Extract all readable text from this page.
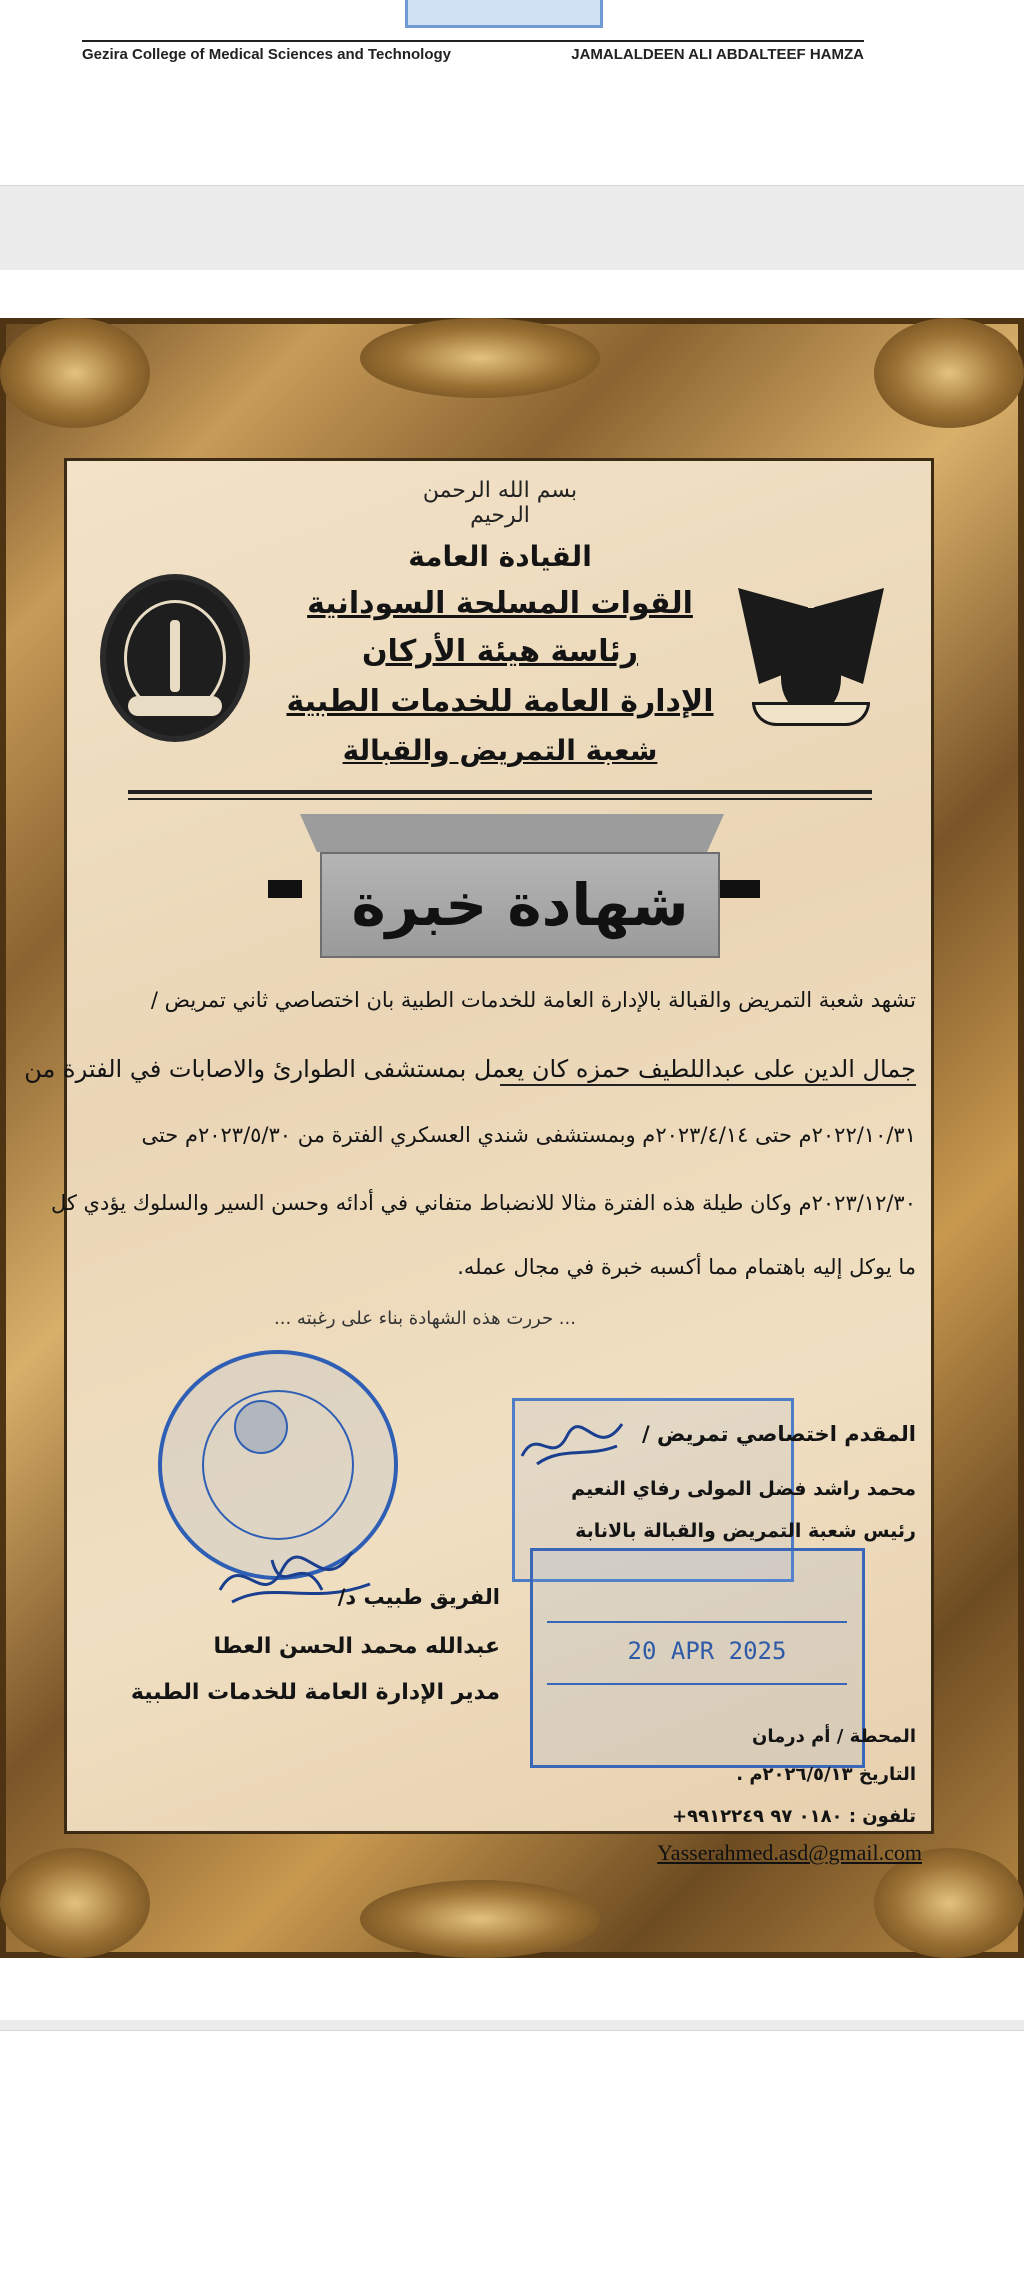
Gezira College of Medical Sciences and Technology	JAMALALDEEN ALI ABDALTEEF HAMZA
بسم الله الرحمن الرحيم
القيادة العامة
القوات المسلحة السودانية
رئاسة هيئة الأركان
الإدارة العامة للخدمات الطبية
شعبة التمريض والقبالة
شهادة خبرة
تشهد شعبة التمريض والقبالة بالإدارة العامة للخدمات الطبية بان اختصاصي ثاني تمريض /
جمال الدين على عبداللطيف حمزه كان يعمل بمستشفى الطوارئ والاصابات في الفترة من
٢٠٢٢/١٠/٣١م حتى ٢٠٢٣/٤/١٤م وبمستشفى شندي العسكري الفترة من ٢٠٢٣/٥/٣٠م حتى
٢٠٢٣/١٢/٣٠م وكان طيلة هذه الفترة مثالا للانضباط متفاني في أدائه وحسن السير والسلوك يؤدي كل
ما يوكل إليه باهتمام مما أكسبه خبرة في مجال عمله.
... حررت هذه الشهادة بناء على رغبته ...
المقدم اختصاصي تمريض /
محمد راشد فضل المولى رفاي النعيم
رئيس شعبة التمريض والقبالة بالانابة
الفريق طبيب د/
عبدالله محمد الحسن العطا
مدير الإدارة العامة للخدمات الطبية
20 APR 2025
المحطة / أم درمان
التاريخ ٢٠٢٦/٥/١٣م .
تلفون : ٠١٨٠ ٩٧ ٩٩١٢٢٤٩+
Yasserahmed.asd@gmail.com
